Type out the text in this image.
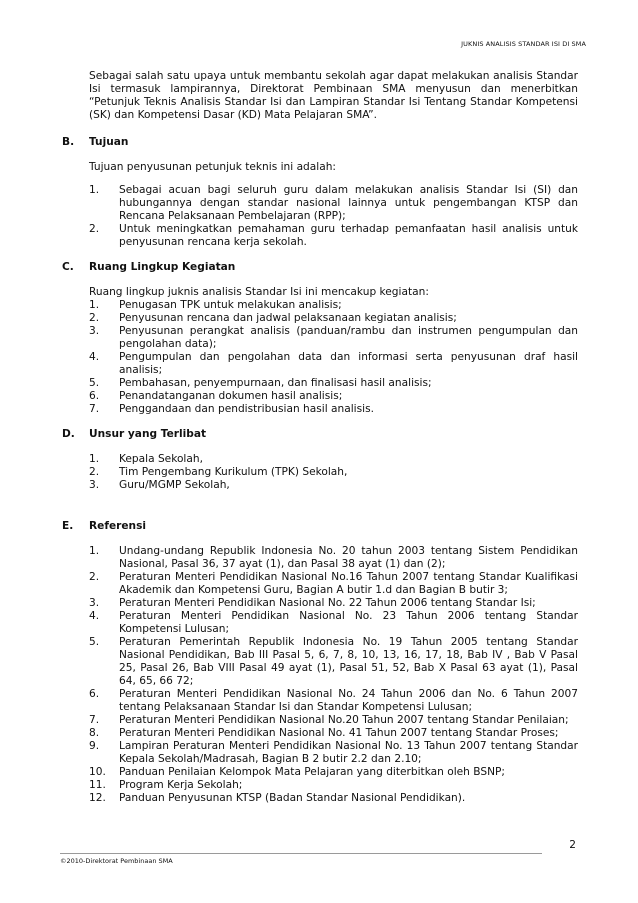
JUKNIS ANALISIS STANDAR ISI DI SMA

Sebagai salah satu upaya untuk membantu sekolah agar dapat melakukan analisis Standar Isi termasuk lampirannya, Direktorat Pembinaan SMA menyusun dan menerbitkan “Petunjuk Teknis Analisis Standar Isi dan Lampiran Standar Isi Tentang Standar Kompetensi (SK) dan Kompetensi Dasar (KD) Mata Pelajaran SMA”.

B.	Tujuan
Tujuan penyusunan petunjuk teknis ini adalah:
1.	Sebagai acuan bagi seluruh guru dalam melakukan analisis Standar Isi (SI) dan hubungannya dengan standar nasional lainnya untuk pengembangan KTSP dan Rencana Pelaksanaan Pembelajaran (RPP);
2.	Untuk meningkatkan pemahaman guru terhadap pemanfaatan hasil analisis untuk penyusunan rencana kerja sekolah.
C.	Ruang Lingkup Kegiatan
Ruang lingkup juknis analisis Standar Isi ini mencakup kegiatan:
1.	Penugasan TPK untuk melakukan analisis;
2.	Penyusunan rencana dan jadwal pelaksanaan kegiatan analisis;
3.	Penyusunan perangkat analisis (panduan/rambu dan instrumen pengumpulan dan pengolahan data);
4.	Pengumpulan dan pengolahan data dan informasi serta penyusunan draf hasil analisis;
5.	Pembahasan, penyempurnaan, dan finalisasi hasil analisis;
6.	Penandatanganan dokumen hasil analisis;
7.	Penggandaan dan pendistribusian hasil analisis.
D.	Unsur yang Terlibat
1.	Kepala Sekolah,
2.	Tim Pengembang Kurikulum (TPK) Sekolah,
3.	Guru/MGMP Sekolah,
E.	Referensi
1.	Undang-undang Republik Indonesia No. 20 tahun 2003 tentang Sistem Pendidikan Nasional, Pasal 36, 37 ayat (1), dan Pasal 38 ayat (1) dan (2);
2.	Peraturan Menteri Pendidikan Nasional No.16 Tahun 2007 tentang Standar Kualifikasi Akademik dan Kompetensi Guru, Bagian A butir 1.d dan Bagian B butir 3;
3.	Peraturan Menteri Pendidikan Nasional No. 22 Tahun 2006 tentang Standar Isi;
4.	Peraturan Menteri Pendidikan Nasional No. 23 Tahun 2006 tentang Standar Kompetensi Lulusan;
5.	Peraturan Pemerintah Republik Indonesia No. 19 Tahun 2005 tentang Standar Nasional Pendidikan, Bab III Pasal 5, 6, 7, 8, 10, 13, 16, 17, 18, Bab IV , Bab V Pasal 25, Pasal 26, Bab VIII Pasal 49 ayat (1), Pasal 51, 52, Bab X Pasal 63 ayat (1), Pasal 64, 65, 66 72;
6.	Peraturan Menteri Pendidikan Nasional No. 24 Tahun 2006 dan No. 6 Tahun 2007 tentang Pelaksanaan Standar Isi dan Standar Kompetensi Lulusan;
7.	Peraturan Menteri Pendidikan Nasional No.20 Tahun 2007 tentang Standar Penilaian;
8.	Peraturan Menteri Pendidikan Nasional No. 41 Tahun 2007 tentang Standar Proses;
9.	Lampiran Peraturan Menteri Pendidikan Nasional No. 13 Tahun 2007 tentang Standar Kepala Sekolah/Madrasah, Bagian B 2 butir 2.2 dan 2.10;
10.	Panduan Penilaian Kelompok Mata Pelajaran yang diterbitkan oleh BSNP;
11.	Program Kerja Sekolah;
12.	Panduan Penyusunan KTSP (Badan Standar Nasional Pendidikan).
2
©2010-Direktorat Pembinaan SMA
